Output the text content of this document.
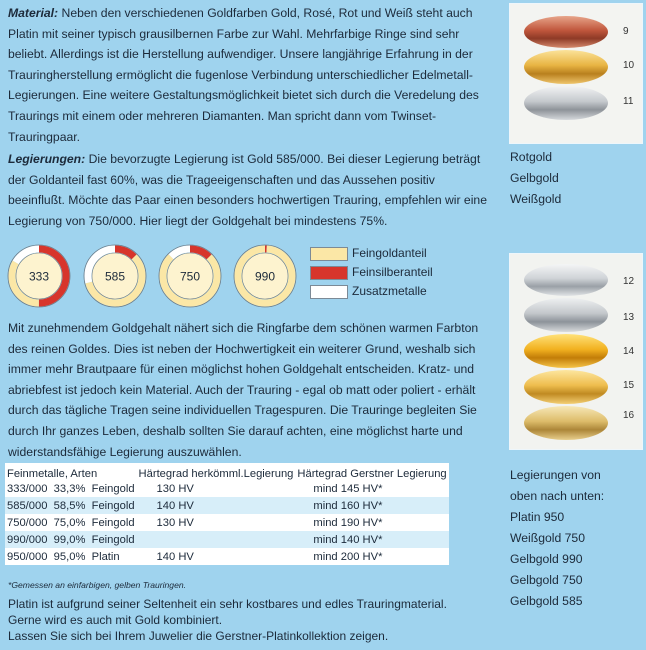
Material: Neben den verschiedenen Goldfarben Gold, Rosé, Rot und Weiß steht auch Platin mit seiner typisch grausilbernen Farbe zur Wahl. Mehrfarbige Ringe sind sehr beliebt. Allerdings ist die Herstellung aufwendiger. Unsere langjährige Erfahrung in der Trauringherstellung ermöglicht die fugenlose Verbindung unterschiedlicher Edelmetall-Legierungen. Eine weitere Gestaltungsmöglichkeit bietet sich durch die Veredelung des Traurings mit einem oder mehreren Diamanten. Man spricht dann vom Twinset-Trauringpaar.
Legierungen: Die bevorzugte Legierung ist Gold 585/000. Bei dieser Legierung beträgt der Goldanteil fast 60%, was die Trageeigenschaften und das Aussehen positiv beeinflußt. Möchte das Paar einen besonders hochwertigen Trauring, empfehlen wir eine Legierung von 750/000. Hier liegt der Goldgehalt bei mindestens 75%.
333	585	750	990
Feingoldanteil
Feinsilberanteil
Zusatzmetalle
Mit zunehmendem Goldgehalt nähert sich die Ringfarbe dem schönen warmen Farbton des reinen Goldes. Dies ist neben der Hochwertigkeit ein weiterer Grund, weshalb sich immer mehr Brautpaare für einen möglichst hohen Goldgehalt entscheiden. Kratz- und abriebfest ist jedoch kein Material. Auch der Trauring - egal ob matt oder poliert - erhält durch das tägliche Tragen seine individuellen Tragespuren. Die Trauringe begleiten Sie durch Ihr ganzes Leben, deshalb sollten Sie darauf achten, eine möglichst harte und widerstandsfähige Legierung auszuwählen.
Feinmetalle, Arten	Härtegrad herkömml.Legierung	Härtegrad Gerstner Legierung
333/000 33,3% Feingold	130 HV	mind 145 HV*
585/000 58,5% Feingold	140 HV	mind 160 HV*
750/000 75,0% Feingold	130 HV	mind 190 HV*
990/000 99,0% Feingold		mind 140 HV*
950/000 95,0% Platin	140 HV	mind 200 HV*
*Gemessen an einfarbigen, gelben Trauringen.
Platin ist aufgrund seiner Seltenheit ein sehr kostbares und edles Trauringmaterial.
Gerne wird es auch mit Gold kombiniert.
Lassen Sie sich bei Ihrem Juwelier die Gerstner-Platinkollektion zeigen.
9
10
11
Rotgold
Gelbgold
Weißgold
12
13
14
15
16
Legierungen von
oben nach unten:
Platin 950
Weißgold 750
Gelbgold 990
Gelbgold 750
Gelbgold 585
